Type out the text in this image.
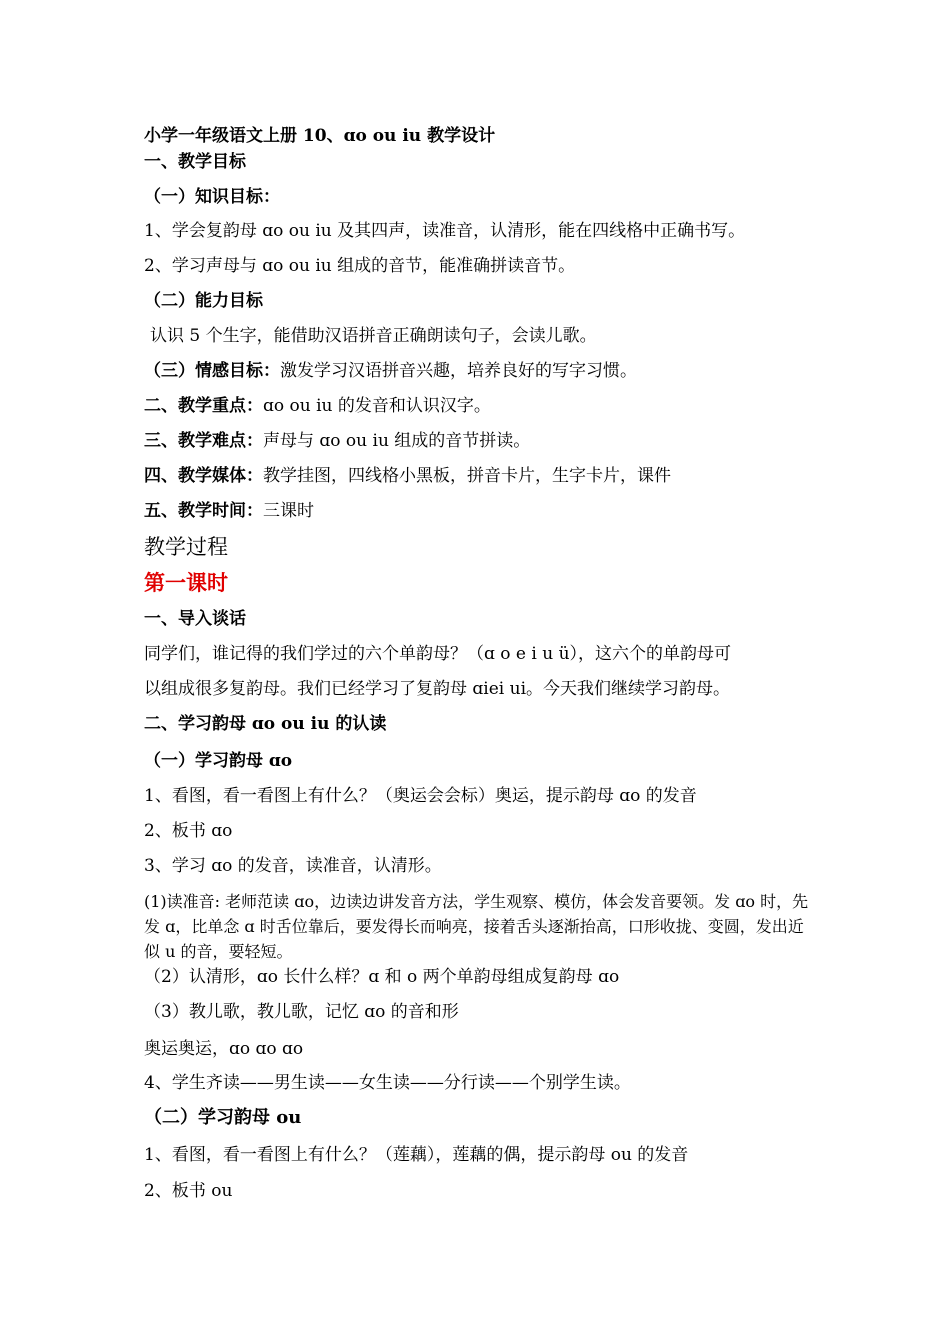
小学一年级语文上册 10、ɑo ou iu 教学设计
一、教学目标
（一）知识目标：
1、学会复韵母 ɑo ou iu 及其四声，读准音，认清形，能在四线格中正确书写。
2、学习声母与 ɑo ou iu 组成的音节，能准确拼读音节。
（二）能力目标
认识 5 个生字，能借助汉语拼音正确朗读句子，会读儿歌。
（三）情感目标：激发学习汉语拼音兴趣，培养良好的写字习惯。
二、教学重点：ɑo ou iu 的发音和认识汉字。
三、教学难点：声母与 ɑo ou iu 组成的音节拼读。
四、教学媒体：教学挂图，四线格小黑板，拼音卡片，生字卡片，课件
五、教学时间：三课时
教学过程
第一课时
一、导入谈话
同学们，谁记得的我们学过的六个单韵母？（ɑ o e i u ü），这六个的单韵母可
以组成很多复韵母。我们已经学习了复韵母 ɑiei ui。今天我们继续学习韵母。
二、学习韵母 ɑo ou iu 的认读
（一）学习韵母 ɑo
1、看图，看一看图上有什么？（奥运会会标）奥运，提示韵母 ɑo 的发音
2、板书 ɑo
3、学习 ɑo 的发音，读准音，认清形。
(1)读准音: 老师范读 ɑo，边读边讲发音方法，学生观察、模仿，体会发音要领。发 ɑo 时，先发 ɑ，比单念 ɑ 时舌位靠后，要发得长而响亮，接着舌头逐渐抬高，口形收拢、变圆，发出近似 u 的音，要轻短。
（2）认清形，ɑo 长什么样？ɑ 和 o 两个单韵母组成复韵母 ɑo
（3）教儿歌，教儿歌，记忆 ɑo 的音和形
奥运奥运，ɑo ɑo ɑo
4、学生齐读——男生读——女生读——分行读——个别学生读。
（二）学习韵母 ou
1、看图，看一看图上有什么？（莲藕），莲藕的偶，提示韵母 ou 的发音
2、板书 ou
